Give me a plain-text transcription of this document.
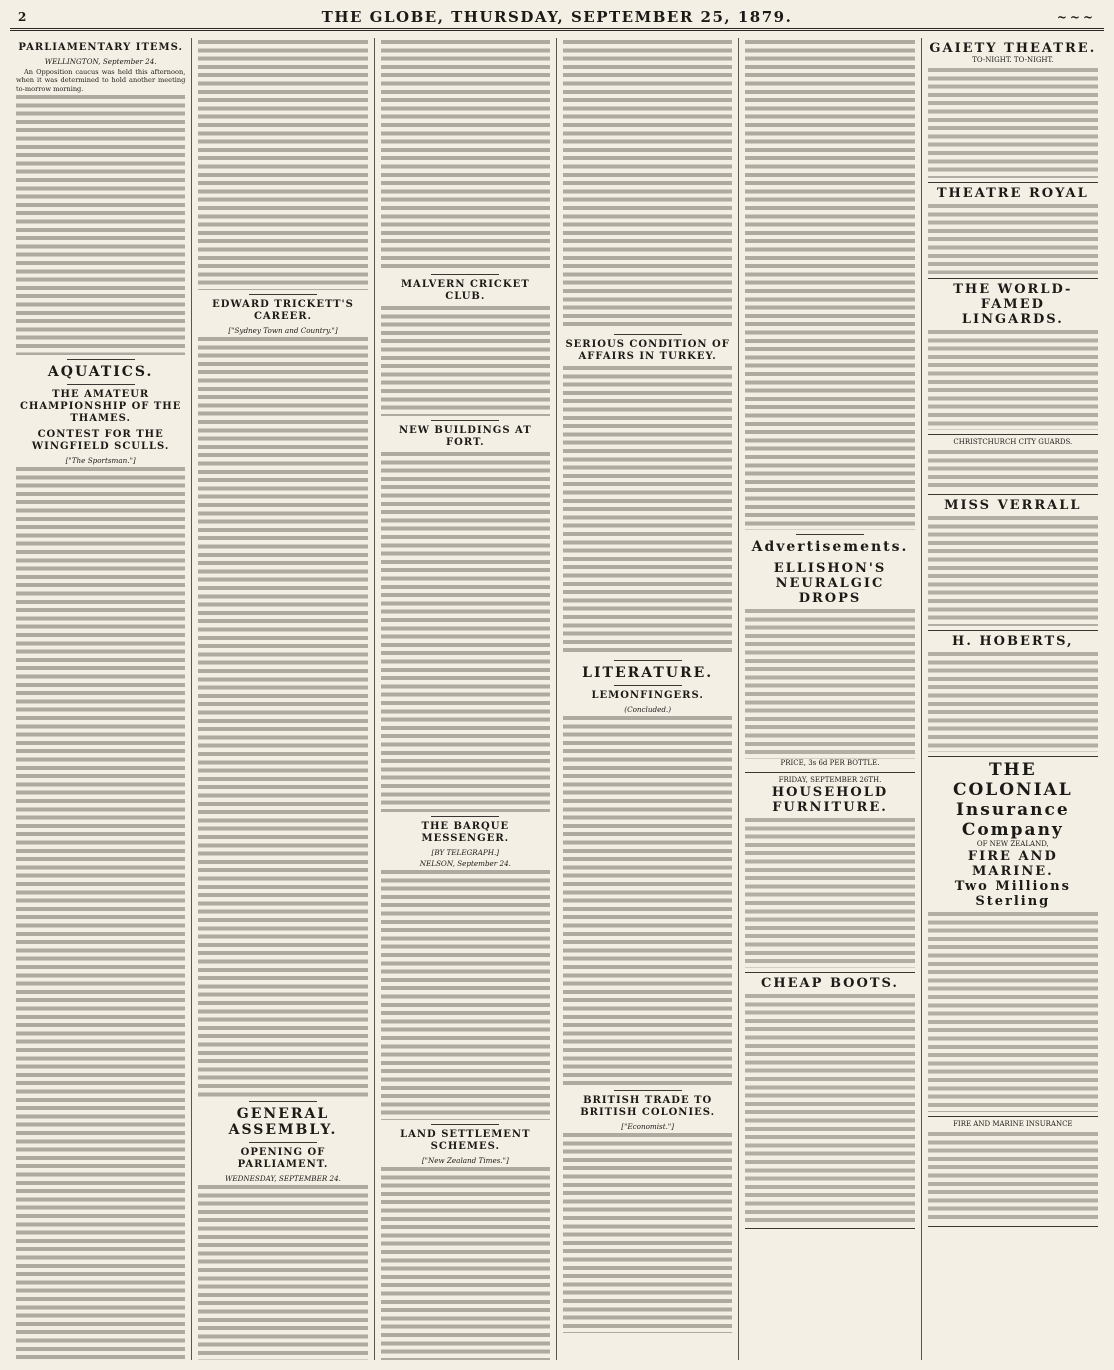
2	THE GLOBE, THURSDAY, SEPTEMBER 25, 1879.	~~~
PARLIAMENTARY ITEMS.
WELLINGTON, September 24.

An Opposition caucus was held this afternoon, when it was determined to hold another meeting to-morrow morning.

AQUATICS.
THE AMATEUR CHAMPIONSHIP OF THE THAMES.
CONTEST FOR THE WINGFIELD SCULLS.
["The Sportsman."]
EDWARD TRICKETT'S CAREER.
["Sydney Town and Country."]
GENERAL ASSEMBLY.
OPENING OF PARLIAMENT.
WEDNESDAY, SEPTEMBER 24.
MALVERN CRICKET CLUB.
NEW BUILDINGS AT FORT.
THE BARQUE MESSENGER.
[BY TELEGRAPH.]
NELSON, September 24.
LAND SETTLEMENT SCHEMES.
["New Zealand Times."]
SERIOUS CONDITION OF AFFAIRS IN TURKEY.
LITERATURE.
LEMONFINGERS.
(Concluded.)
BRITISH TRADE TO BRITISH COLONIES.
["Economist."]
Advertisements.
ELLISHON'S NEURALGIC DROPS
PRICE, 3s 6d PER BOTTLE.
FRIDAY, SEPTEMBER 26TH.
HOUSEHOLD FURNITURE.
CHEAP BOOTS.
GAIETY THEATRE.
TO-NIGHT. TO-NIGHT.
THEATRE ROYAL
THE WORLD-FAMED LINGARDS.
CHRISTCHURCH CITY GUARDS.
MISS VERRALL
H. HOBERTS,
THE COLONIAL Insurance Company
OF NEW ZEALAND,
FIRE AND MARINE.
Two Millions Sterling
FIRE AND MARINE INSURANCE
